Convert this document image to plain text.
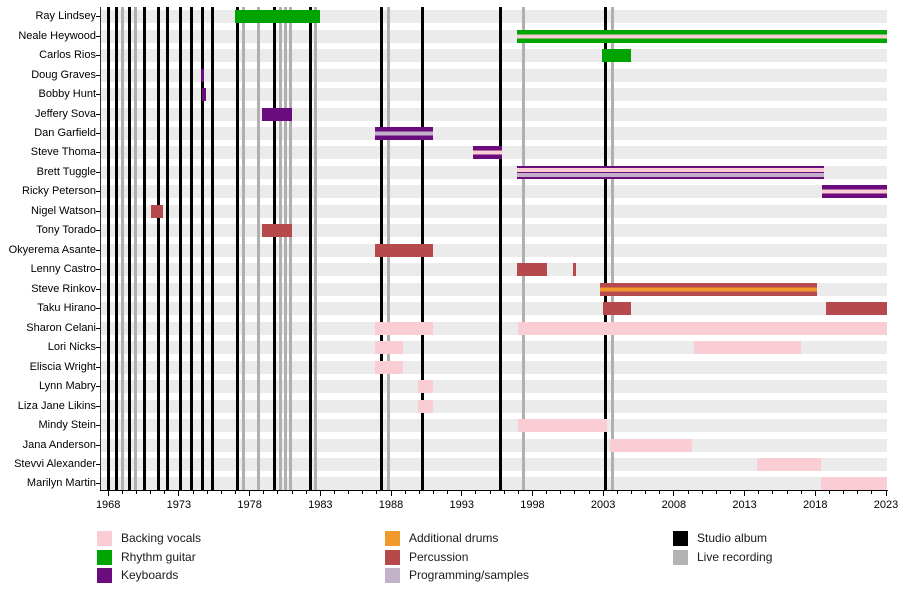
Ray Lindsey
Neale Heywood
Carlos Rios
Doug Graves
Bobby Hunt
Jeffery Sova
Dan Garfield
Steve Thoma
Brett Tuggle
Ricky Peterson
Nigel Watson
Tony Torado
Okyerema Asante
Lenny Castro
Steve Rinkov
Taku Hirano
Sharon Celani
Lori Nicks
Eliscia Wright
Lynn Mabry
Liza Jane Likins
Mindy Stein
Jana Anderson
Stevvi Alexander
Marilyn Martin
1968	1973	1978	1983	1988	1993	1998	2003	2008	2013	2018	2023
Backing vocals
Rhythm guitar
Keyboards
Additional drums
Percussion
Programming/samples
Studio album
Live recording
